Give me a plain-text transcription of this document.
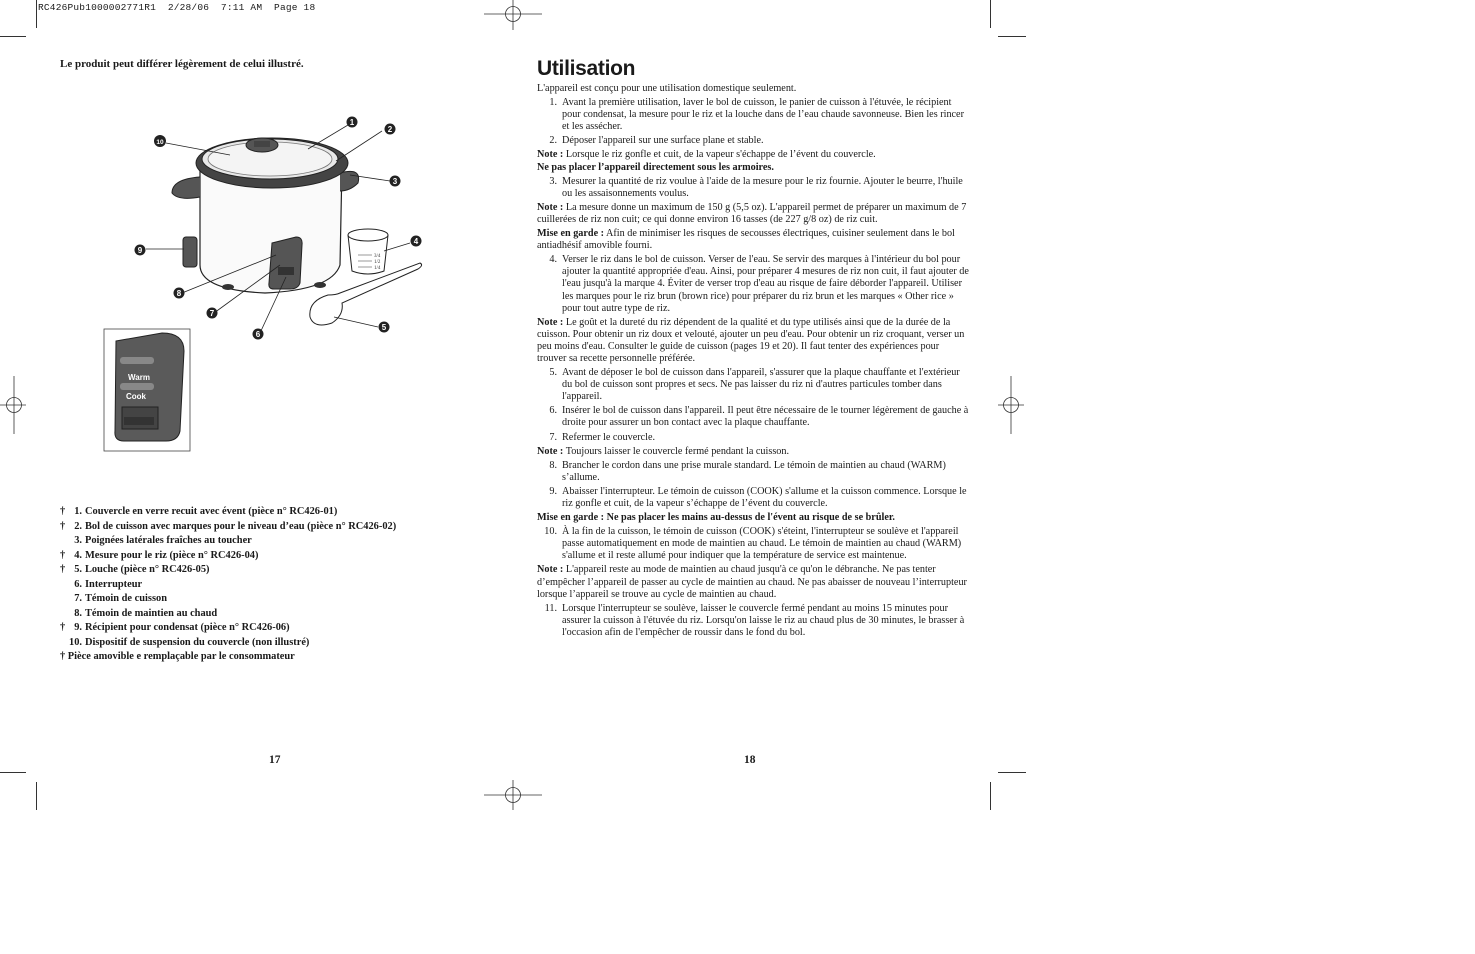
RC426Pub1000002771R1  2/28/06  7:11 AM  Page 18
Le produit peut différer légèrement de celui illustré.
3/4
1/2
1/4
1
2
3
4
5
6
7
8
9
10
Warm
Cook
† 1. Couvercle en verre recuit avec évent (pièce n° RC426-01)
† 2. Bol de cuisson avec marques pour le niveau d’eau (pièce n° RC426-02)
3. Poignées latérales fraîches au toucher
† 4. Mesure pour le riz (pièce n° RC426-04)
† 5. Louche (pièce n° RC426-05)
6. Interrupteur
7. Témoin de cuisson
8. Témoin de maintien au chaud
† 9. Récipient pour condensat (pièce n° RC426-06)
10. Dispositif de suspension du couvercle (non illustré)
† Pièce amovible e remplaçable par le consommateur
17
Utilisation

L'appareil est conçu pour une utilisation domestique seulement.

1. Avant la première utilisation, laver le bol de cuisson, le panier de cuisson à l'étuvée, le récipient pour condensat, la mesure pour le riz et la louche dans de l’eau chaude savonneuse. Bien les rincer et les assécher.
2. Déposer l'appareil sur une surface plane et stable.

Note : Lorsque le riz gonfle et cuit, de la vapeur s'échappe de l’évent du couvercle.
Ne pas placer l’appareil directement sous les armoires.

3. Mesurer la quantité de riz voulue à l'aide de la mesure pour le riz fournie. Ajouter le beurre, l'huile ou les assaisonnements voulus.

Note : La mesure donne un maximum de 150 g (5,5 oz). L'appareil permet de préparer un maximum de 7 cuillerées de riz non cuit; ce qui donne environ 16 tasses (de 227 g/8 oz) de riz cuit.

Mise en garde : Afin de minimiser les risques de secousses électriques, cuisiner seulement dans le bol antiadhésif amovible fourni.

4. Verser le riz dans le bol de cuisson. Verser de l'eau. Se servir des marques à l'intérieur du bol pour ajouter la quantité appropriée d'eau. Ainsi, pour préparer 4 mesures de riz non cuit, il faut ajouter de l'eau jusqu'à la marque 4. Éviter de verser trop d'eau au risque de faire déborder l'appareil. Utiliser les marques pour le riz brun (brown rice) pour préparer du riz brun et les marques « Other rice » pour tout autre type de riz.

Note : Le goût et la dureté du riz dépendent de la qualité et du type utilisés ainsi que de la durée de la cuisson. Pour obtenir un riz doux et velouté, ajouter un peu d'eau. Pour obtenir un riz croquant, verser un peu moins d'eau. Consulter le guide de cuisson (pages 19 et 20). Il faut tenter des expériences pour trouver sa recette personnelle préférée.

5. Avant de déposer le bol de cuisson dans l'appareil, s'assurer que la plaque chauffante et l'extérieur du bol de cuisson sont propres et secs. Ne pas laisser du riz ni d'autres particules tomber dans l'appareil.
6. Insérer le bol de cuisson dans l'appareil. Il peut être nécessaire de le tourner légèrement de gauche à droite pour assurer un bon contact avec la plaque chauffante.
7. Refermer le couvercle.

Note : Toujours laisser le couvercle fermé pendant la cuisson.

8. Brancher le cordon dans une prise murale standard. Le témoin de maintien au chaud (WARM) s’allume.
9. Abaisser l'interrupteur. Le témoin de cuisson (COOK) s'allume et la cuisson commence. Lorsque le riz gonfle et cuit, de la vapeur s’échappe de l’évent du couvercle.

Mise en garde : Ne pas placer les mains au-dessus de l'évent au risque de se brûler.

10. À la fin de la cuisson, le témoin de cuisson (COOK) s'éteint, l'interrupteur se soulève et l'appareil passe automatiquement en mode de maintien au chaud. Le témoin de maintien au chaud (WARM) s'allume et il reste allumé pour indiquer que la température de service est maintenue.

Note : L'appareil reste au mode de maintien au chaud jusqu'à ce qu'on le débranche. Ne pas tenter d’empêcher l’appareil de passer au cycle de maintien au chaud. Ne pas abaisser de nouveau l’interrupteur lorsque l’appareil se trouve au cycle de maintien au chaud.

11. Lorsque l'interrupteur se soulève, laisser le couvercle fermé pendant au moins 15 minutes pour assurer la cuisson à l'étuvée du riz. Lorsqu'on laisse le riz au chaud plus de 30 minutes, le brasser à l'occasion afin de l'empêcher de roussir dans le fond du bol.
18
